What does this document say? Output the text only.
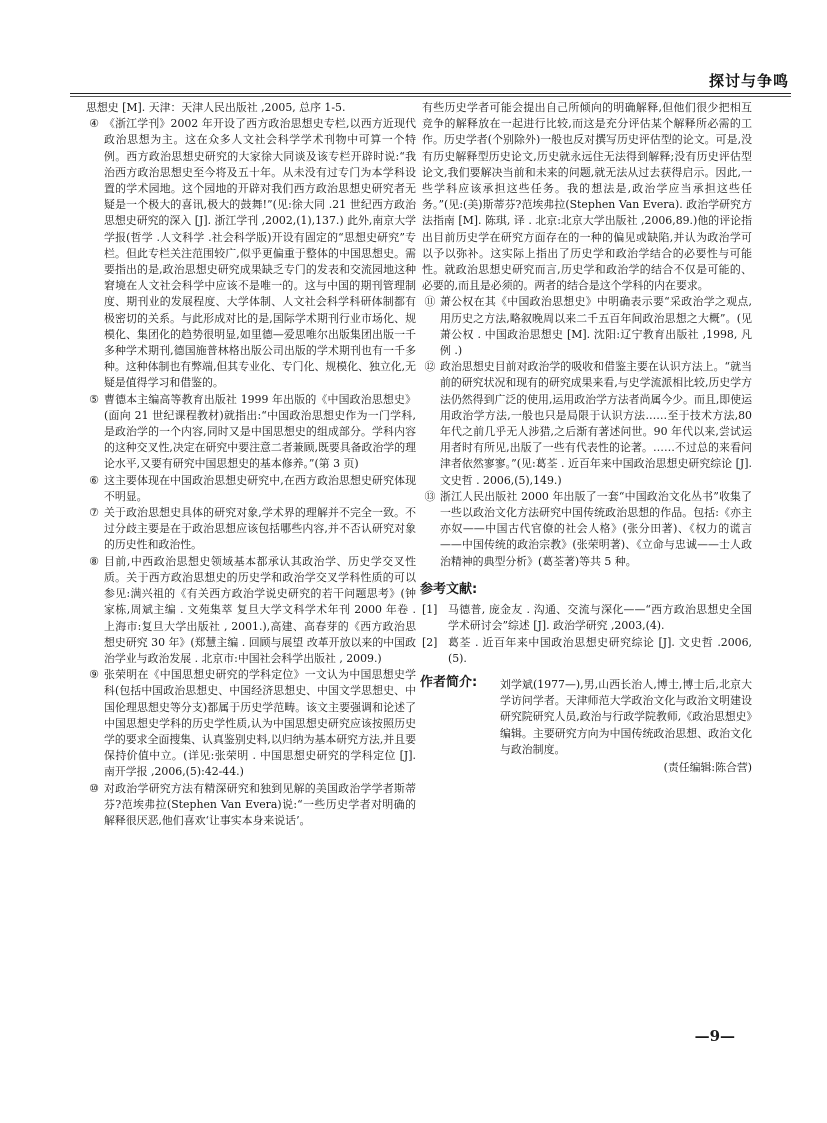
探讨与争鸣

思想史 [M]. 天津：天津人民出版社 ,2005, 总序 1-5.

④ 《浙江学刊》2002 年开设了西方政治思想史专栏,以西方近现代政治思想为主。这在众多人文社会科学学术刊物中可算一个特例。西方政治思想史研究的大家徐大同谈及该专栏开辟时说:“我治西方政治思想史至今将及五十年。从未没有过专门为本学科设置的学术园地。这个园地的开辟对我们西方政治思想史研究者无疑是一个极大的喜讯,极大的鼓舞!”(见:徐大同 .21 世纪西方政治思想史研究的深入 [J]. 浙江学刊 ,2002,(1),137.) 此外,南京大学学报(哲学 .人文科学 .社会科学版)开设有固定的“思想史研究”专栏。但此专栏关注范围较广,似乎更偏重于整体的中国思想史。需要指出的是,政治思想史研究成果缺乏专门的发表和交流园地这种窘境在人文社会科学中应该不是唯一的。这与中国的期刊管理制度、期刊业的发展程度、大学体制、人文社会科学科研体制都有极密切的关系。与此形成对比的是,国际学术期刊行业市场化、规模化、集团化的趋势很明显,如里德—爱思唯尔出版集团出版一千多种学术期刊,德国施普林格出版公司出版的学术期刊也有一千多种。这种体制也有弊端,但其专业化、专门化、规模化、独立化,无疑是值得学习和借鉴的。

⑤ 曹德本主编高等教育出版社 1999 年出版的《中国政治思想史》(面向 21 世纪课程教材)就指出:“中国政治思想史作为一门学科,是政治学的一个内容,同时又是中国思想史的组成部分。学科内容的这种交叉性,决定在研究中要注意二者兼顾,既要具备政治学的理论水平,又要有研究中国思想史的基本修养。”(第 3 页)

⑥ 这主要体现在中国政治思想史研究中,在西方政治思想史研究体现不明显。

⑦ 关于政治思想史具体的研究对象,学术界的理解并不完全一致。不过分歧主要是在于政治思想应该包括哪些内容,并不否认研究对象的历史性和政治性。

⑧ 目前,中西政治思想史领域基本都承认其政治学、历史学交叉性质。关于西方政治思想史的历史学和政治学交叉学科性质的可以参见:满兴祖的《有关西方政治学说史研究的若干问题思考》(钟家栋,周斌主编 . 文苑集萃 复旦大学文科学术年刊 2000 年卷 . 上海市:复旦大学出版社 , 2001.),高建、高春芽的《西方政治思想史研究 30 年》(郑慧主编 . 回顾与展望 改革开放以来的中国政治学业与政治发展 . 北京市:中国社会科学出版社 , 2009.)

⑨ 张荣明在《中国思想史研究的学科定位》一文认为中国思想史学科(包括中国政治思想史、中国经济思想史、中国文学思想史、中国伦理思想史等分支)都属于历史学范畴。该文主要强调和论述了中国思想史学科的历史学性质,认为中国思想史研究应该按照历史学的要求全面搜集、认真鉴别史料,以归纳为基本研究方法,并且要保持价值中立。(详见:张荣明 . 中国思想史研究的学科定位 [J]. 南开学报 ,2006,(5):42-44.)

⑩ 对政治学研究方法有精深研究和独到见解的美国政治学学者斯蒂芬?范埃弗拉(Stephen Van Evera)说:“一些历史学者对明确的解释很厌恶,他们喜欢‘让事实本身来说话’。

有些历史学者可能会提出自己所倾向的明确解释,但他们很少把相互竞争的解释放在一起进行比较,而这是充分评估某个解释所必需的工作。历史学者(个别除外)一般也反对撰写历史评估型的论文。可是,没有历史解释型历史论文,历史就永远住无法得到解释;没有历史评估型论文,我们要解决当前和未来的问题,就无法从过去获得启示。因此,一些学科应该承担这些任务。我的想法是,政治学应当承担这些任务。”(见:(美)斯蒂芬?范埃弗拉(Stephen Van Evera). 政治学研究方法指南 [M]. 陈琪, 译 . 北京:北京大学出版社 ,2006,89.)他的评论指出目前历史学在研究方面存在的一种的偏见或缺陷,并认为政治学可以予以弥补。这实际上指出了历史学和政治学结合的必要性与可能性。就政治思想史研究而言,历史学和政治学的结合不仅是可能的、必要的,而且是必须的。两者的结合是这个学科的内在要求。

⑪ 萧公权在其《中国政治思想史》中明确表示要“采政治学之观点,用历史之方法,略叙晚周以来二千五百年间政治思想之大概”。(见萧公权 . 中国政治思想史 [M]. 沈阳:辽宁教育出版社 ,1998, 凡例 .)

⑫ 政治思想史目前对政治学的吸收和借鉴主要在认识方法上。“就当前的研究状况和现有的研究成果来看,与史学流派相比较,历史学方法仍然得到广泛的使用,运用政治学方法者尚属今少。而且,即使运用政治学方法,一般也只是局限于认识方法……至于技术方法,80 年代之前几乎无人涉猎,之后渐有著述问世。90 年代以来,尝试运用者时有所见,出版了一些有代表性的论著。……不过总的来看问津者依然寥寥。”(见:葛荃 . 近百年来中国政治思想史研究综论 [J]. 文史哲 . 2006,(5),149.)

⑬ 浙江人民出版社 2000 年出版了一套“中国政治文化丛书”收集了一些以政治文化方法研究中国传统政治思想的作品。包括:《亦主亦奴——中国古代官僚的社会人格》(张分田著)、《权力的谎言——中国传统的政治宗教》(张荣明著)、《立命与忠诚——士人政治精神的典型分析》(葛荃著)等共 5 种。

参考文献:

[1] 马德普, 庞金友 . 沟通、交流与深化——“西方政治思想史全国学术研讨会”综述 [J]. 政治学研究 ,2003,(4).

[2] 葛荃 . 近百年来中国政治思想史研究综论 [J]. 文史哲 .2006,(5).

作者简介: 刘学斌(1977—),男,山西长治人,博士,博士后,北京大学访问学者。天津师范大学政治文化与政治文明建设研究院研究人员,政治与行政学院教师,《政治思想史》编辑。主要研究方向为中国传统政治思想、政治文化与政治制度。
(责任编辑:陈合营)
—9—
